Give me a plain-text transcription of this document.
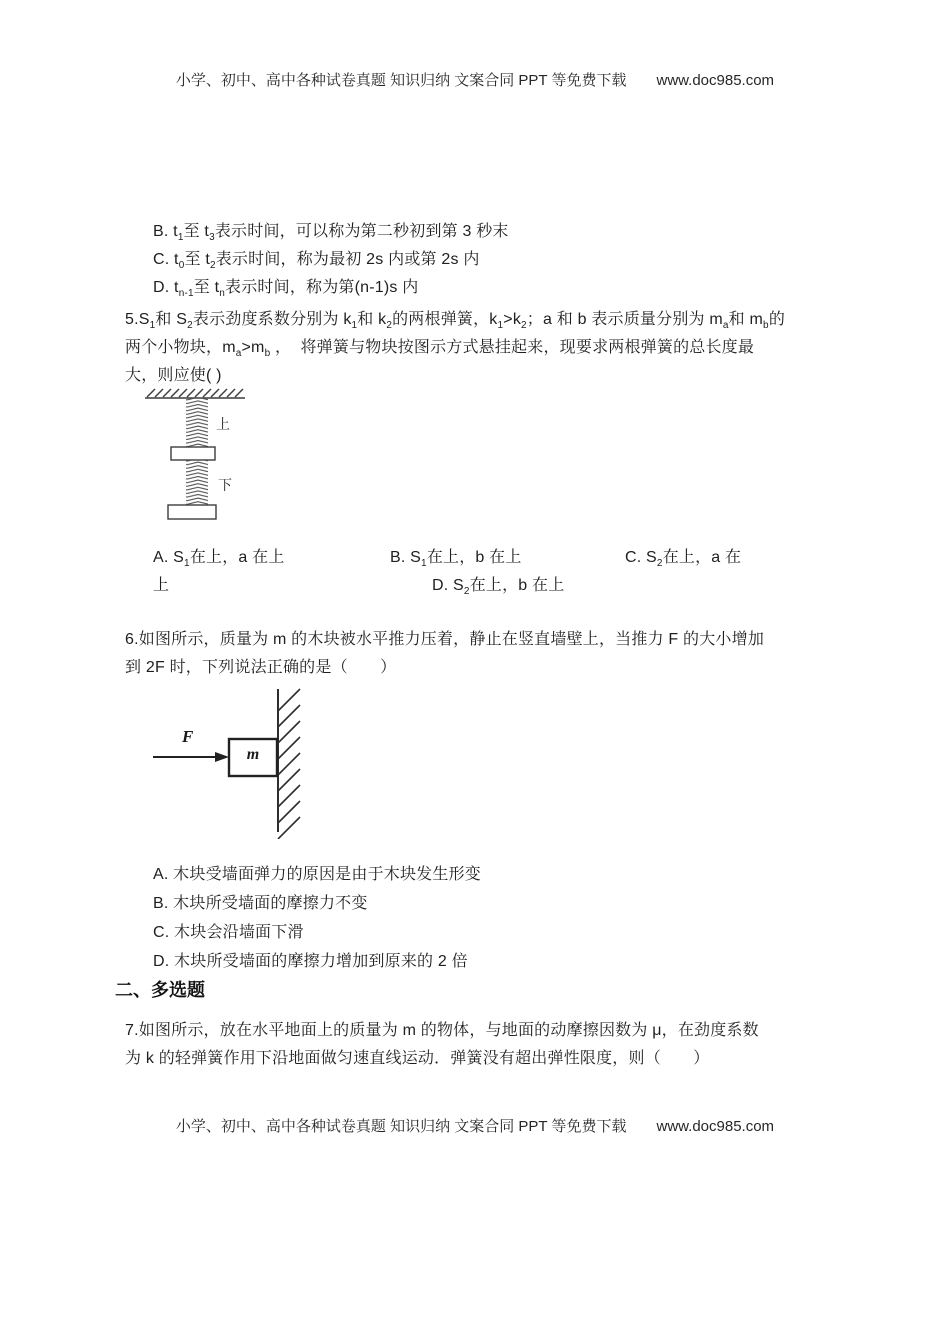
小学、初中、高中各种试卷真题 知识归纳 文案合同 PPT 等免费下载 www.doc985.com
B. $t_1$至 $t_3$表示时间，可以称为第二秒初到第 3 秒末
C. $t_0$至 $t_2$表示时间，称为最初 2s 内或第 2s 内
D. $t_{n-1}$至 $t_n$表示时间，称为第(n-1)s 内
$5.S_1$和 $S_2$表示劲度系数分别为 $k_1$和 $k_2$的两根弹簧，$k_1>k_2$；a 和 b 表示质量分别为 $m_a$和 $m_b$的
两个小物块，$m_a>m_b$ ，  将弹簧与物块按图示方式悬挂起来，现要求两根弹簧的总长度最
大，则应使( )
上
下
A. $S_1$在上，a 在上	B. $S_1$在上，b 在上	C. $S_2$在上，a 在
上	D. $S_2$在上，b 在上
6.如图所示，质量为 m 的木块被水平推力压着，静止在竖直墙壁上，当推力 F 的大小增加
到 2F 时，下列说法正确的是（　　）
F
m
A. 木块受墙面弹力的原因是由于木块发生形变
B. 木块所受墙面的摩擦力不变
C. 木块会沿墙面下滑
D. 木块所受墙面的摩擦力增加到原来的 2 倍
二、多选题
7.如图所示，放在水平地面上的质量为 m 的物体，与地面的动摩擦因数为 μ，在劲度系数
为 k 的轻弹簧作用下沿地面做匀速直线运动．弹簧没有超出弹性限度，则（　　）
小学、初中、高中各种试卷真题 知识归纳 文案合同 PPT 等免费下载 www.doc985.com
